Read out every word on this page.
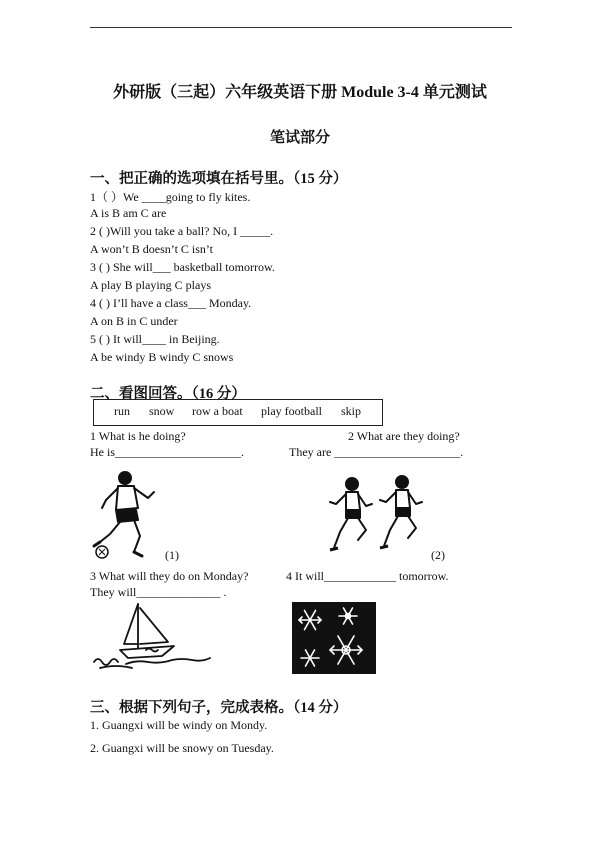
外研版（三起）六年级英语下册 Module 3-4 单元测试
笔试部分
一、把正确的选项填在括号里。（15 分）
1（ ）We ____going to fly kites.
A is B am C are
2 ( )Will you take a ball? No, I _____.
A won’t B doesn’t C isn’t
3 ( ) She will___ basketball tomorrow.
A play B playing C plays
4 ( ) I’ll have a class___ Monday.
A on B in C under
5 ( ) It will____ in Beijing.
A be windy B windy C snows
二、看图回答。（16 分）
run snow row a boat play football skip
1 What is he doing?
He is_____________________.
2 What are they doing?
They are _____________________.
(1)	(2)
3 What will they do on Monday?
They will______________ .
4 It will____________ tomorrow.
三、根据下列句子，完成表格。（14 分）
1. Guangxi will be windy on Mondy.
2. Guangxi will be snowy on Tuesday.
